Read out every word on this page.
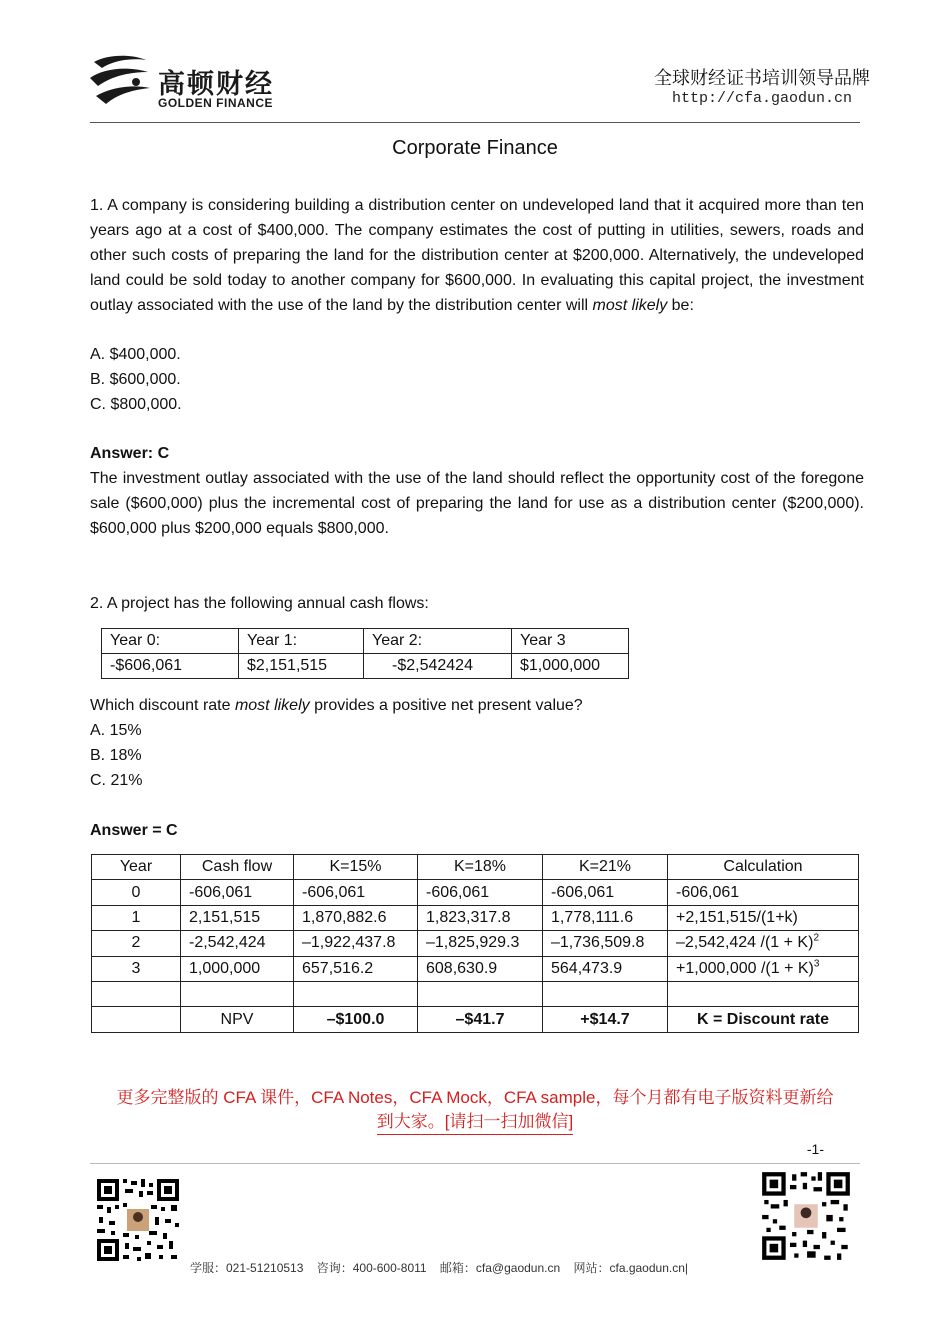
高顿财经
GOLDEN FINANCE
全球财经证书培训领导品牌
http://cfa.gaodun.cn
Corporate Finance

1. A company is considering building a distribution center on undeveloped land that it acquired more than ten years ago at a cost of $400,000. The company estimates the cost of putting in utilities, sewers, roads and other such costs of preparing the land for the distribution center at $200,000. Alternatively, the undeveloped land could be sold today to another company for $600,000. In evaluating this capital project, the investment outlay associated with the use of the land by the distribution center will most likely be:

A. $400,000.
B. $600,000.
C. $800,000.
Answer: C

The investment outlay associated with the use of the land should reflect the opportunity cost of the foregone sale ($600,000) plus the incremental cost of preparing the land for use as a distribution center ($200,000). $600,000 plus $200,000 equals $800,000.

2. A project has the following annual cash flows:
Year 0:	Year 1:	Year 2:	Year 3
-$606,061	$2,151,515	-$2,542424	$1,000,000
Which discount rate most likely provides a positive net present value?
A. 15%
B. 18%
C. 21%
Answer = C
Year	Cash flow	K=15%	K=18%	K=21%	Calculation
0	-606,061	-606,061	-606,061	-606,061	-606,061
1	2,151,515	1,870,882.6	1,823,317.8	1,778,111.6	+2,151,515/(1+k)
2	-2,542,424	–1,922,437.8	–1,825,929.3	–1,736,509.8	–2,542,424 $/(1 + K)^2$
3	1,000,000	657,516.2	608,630.9	564,473.9	+1,000,000 $/(1 + K)^3$

	NPV	–$100.0	–$41.7	+$14.7	K = Discount rate
更多完整版的 CFA 课件，CFA Notes，CFA Mock，CFA sample，每个月都有电子版资料更新给
到大家。[请扫一扫加微信]
-1-
学服：021-51210513    咨询：400-600-8011    邮箱：cfa@gaodun.cn    网站：cfa.gaodun.cn|
